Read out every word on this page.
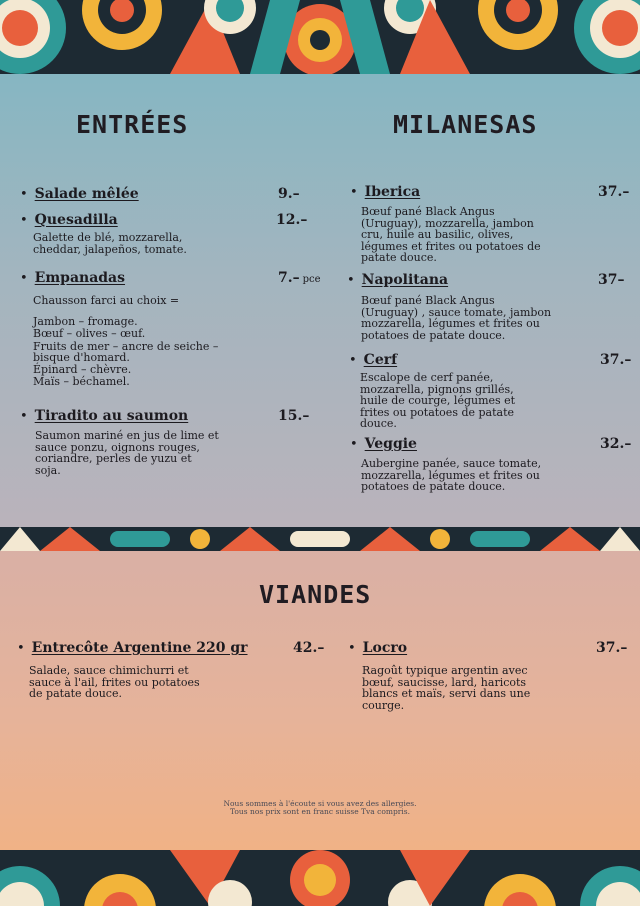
ENTRÉES
• Salade mêlée	9.–
• Quesadilla	12.–

Galette de blé, mozzarella,
cheddar, jalapeños, tomate.

• Empanadas	7.– pce
Chausson farci au choix =
Jambon – fromage.
Bœuf – olives – œuf.
Fruits de mer – ancre de seiche –
bisque d'homard.
Épinard – chèvre.
Maïs – béchamel.
• Tiradito au saumon	15.–

Saumon mariné en jus de lime et
sauce ponzu, oignons rouges,
coriandre, perles de yuzu et
soja.

MILANESAS
• Iberica	37.–

Bœuf pané Black Angus
(Uruguay), mozzarella, jambon
cru, huile au basilic, olives,
légumes et frites ou potatoes de
patate douce.

• Napolitana	37–

Bœuf pané Black Angus
(Uruguay) , sauce tomate, jambon
mozzarella, légumes et frites ou
potatoes de patate douce.

• Cerf	37.–

Escalope de cerf panée,
mozzarella, pignons grillés,
huile de courge, légumes et
frites ou potatoes de patate
douce.

• Veggie	32.–

Aubergine panée, sauce tomate,
mozzarella, légumes et frites ou
potatoes de patate douce.

VIANDES
• Entrecôte Argentine 220 gr	42.–

Salade, sauce chimichurri et
sauce à l'ail, frites ou potatoes
de patate douce.

• Locro	37.–

Ragoût typique argentin avec
bœuf, saucisse, lard, haricots
blancs et maïs, servi dans une
courge.

Nous sommes à l'écoute si vous avez des allergies.
Tous nos prix sont en franc suisse Tva compris.
